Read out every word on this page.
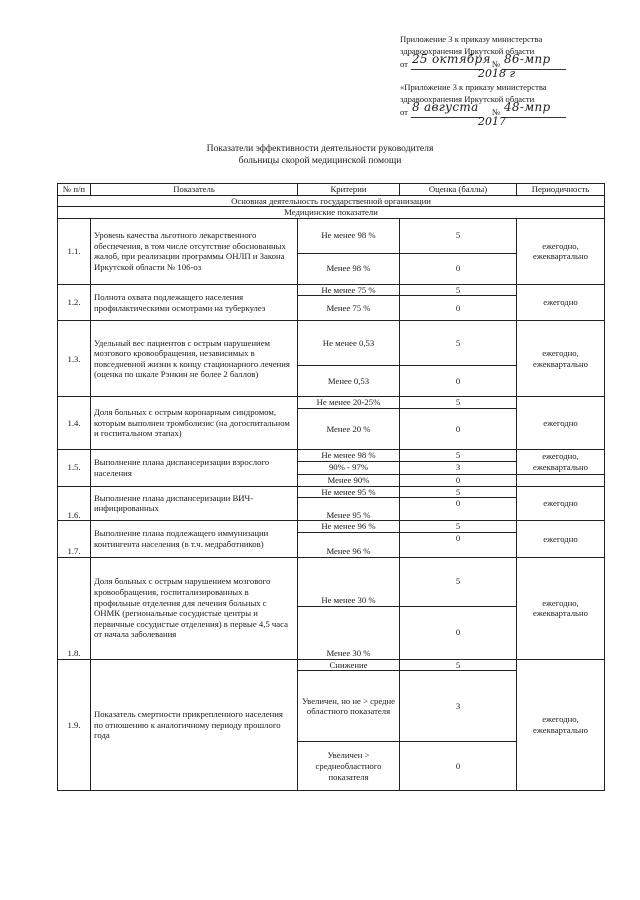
Приложение 3 к приказу министерства
здравоохранения Иркутской области
от 25 октября № 86-мпр
2018 г
«Приложение 3 к приказу министерства
здравоохранения Иркутской области
от 8 августа № 48-мпр
2017
Показатели эффективности деятельности руководителя
больницы скорой медицинской помощи
№ п/п	Показатель	Критерии	Оценка (баллы)	Периодичность
Основная деятельность государственной организации				
Медицинские показатели				
1.1.	Уровень качества льготного лекарственного обеспечения, в том числе отсутствие обоснованных жалоб, при реализации программы ОНЛП и Закона Иркутской области № 106-оз	Не менее 98 %	5	ежегодно, ежеквартально
		Менее 98 %	0	
1.2.	Полнота охвата подлежащего населения профилактическими осмотрами на туберкулез	Не менее 75 %	5	ежегодно
		Менее 75 %	0	
1.3.	Удельный вес пациентов с острым нарушением мозгового кровообращения, независимых в повседневной жизни к концу стационарного лечения (оценка по шкале Рэнкин не более 2 баллов)	Не менее 0,53	5	ежегодно, ежеквартально
		Менее 0,53	0	
1.4.	Доля больных с острым коронарным синдромом, которым выполнен тромболизис (на догоспитальном и госпитальном этапах)	Не менее 20-25%	5	ежегодно
		Менее 20 %	0	
1.5.	Выполнение плана диспансеризации взрослого населения	Не менее 98 %	5	ежегодно, ежеквартально
		90% - 97%	3	
		Менее 90%	0	
1.6.	Выполнение плана диспансеризации ВИЧ-инфицированных	Не менее 95 %	5	ежегодно
		Менее 95 %	0	
1.7.	Выполнение плана подлежащего иммунизации контингента населения (в т.ч. медработников)	Не менее 96 %	5	ежегодно
		Менее 96 %	0	
1.8.	Доля больных с острым нарушением мозгового кровообращения, госпитализированных в профильные отделения для лечения больных с ОНМК (региональные сосудистые центры и первичные сосудистые отделения) в первые 4,5 часа от начала заболевания	Не менее 30 %	5	ежегодно, ежеквартально
		Менее 30 %	0	
1.9.	Показатель смертности прикрепленного населения по отношению к аналогичному периоду прошлого года	Снижение	5	ежегодно, ежеквартально
		Увеличен, но не > средне областного показателя	3	
		Увеличен > среднеобластного показателя	0	
